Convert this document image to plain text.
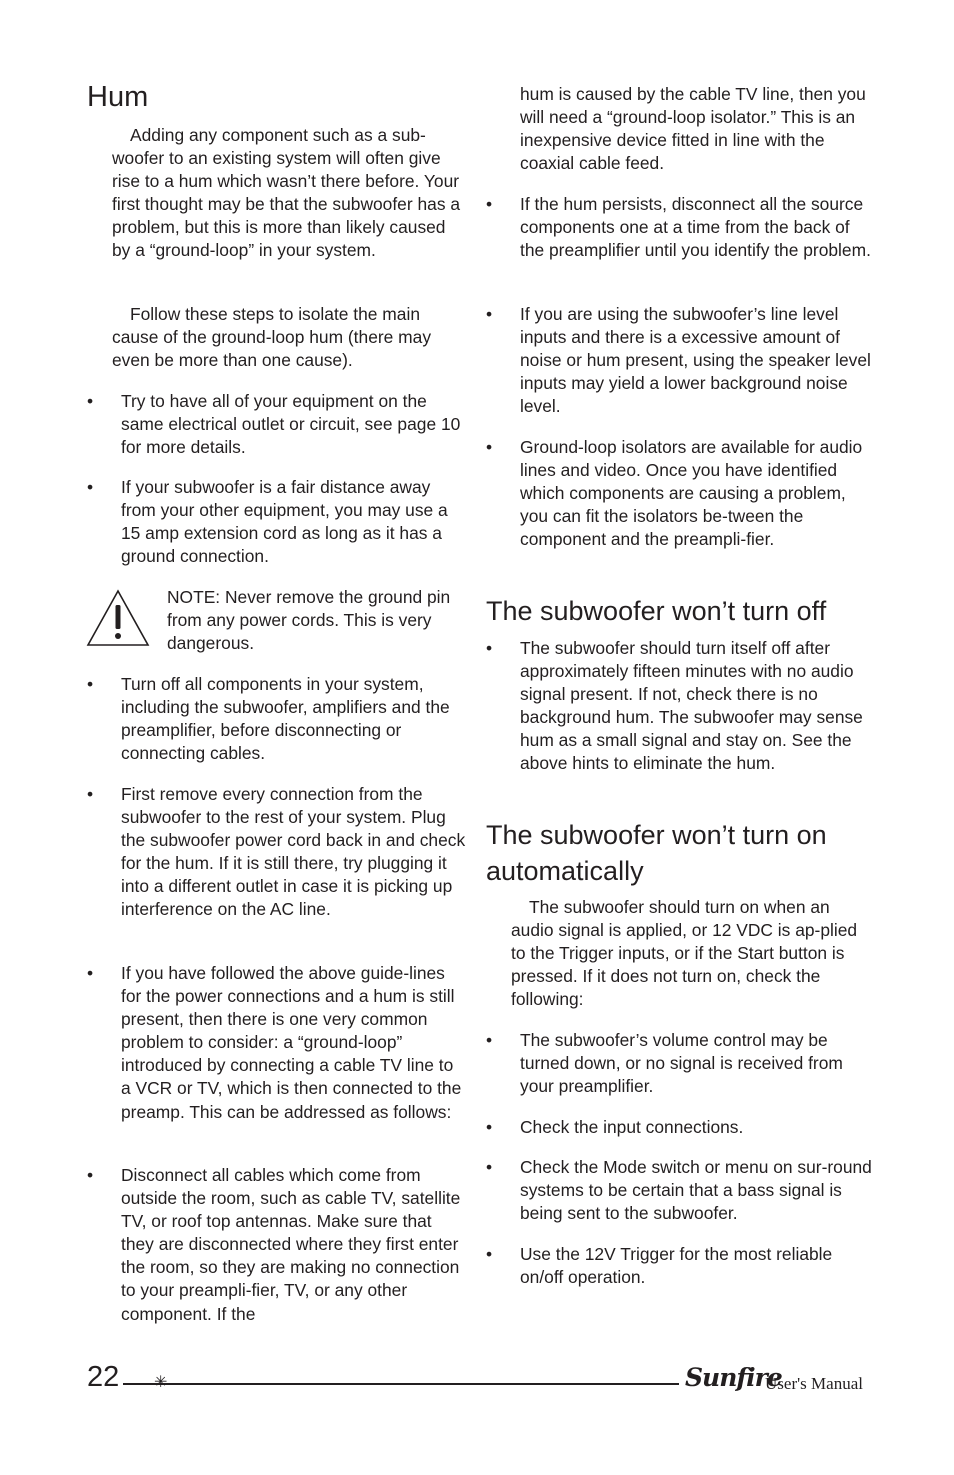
Hum

Adding any component such as a sub-woofer to an existing system will often give rise to a hum which wasn’t there before. Your first thought may be that the subwoofer has a problem, but this is more than likely caused by a “ground-loop” in your system.

Follow these steps to isolate the main cause of the ground-loop hum (there may even be more than one cause).

• Try to have all of your equipment on the same electrical outlet or circuit, see page 10 for more details.
• If your subwoofer is a fair distance away from your other equipment, you may use a 15 amp extension cord as long as it has a ground connection.

NOTE: Never remove the ground pin from any power cords. This is very dangerous.

• Turn off all components in your system, including the subwoofer, amplifiers and the preamplifier, before disconnecting or connecting cables.
• First remove every connection from the subwoofer to the rest of your system. Plug the subwoofer power cord back in and check for the hum. If it is still there, try plugging it into a different outlet in case it is picking up interference on the AC line.
• If you have followed the above guide-lines for the power connections and a hum is still present, then there is one very common problem to consider: a “ground-loop” introduced by connecting a cable TV line to a VCR or TV, which is then connected to the preamp. This can be addressed as follows:
• Disconnect all cables which come from outside the room, such as cable TV, satellite TV, or roof top antennas. Make sure that they are disconnected where they first enter the room, so they are making no connection to your preampli-fier, TV, or any other component. If the

hum is caused by the cable TV line, then you will need a “ground-loop isolator.” This is an inexpensive device fitted in line with the coaxial cable feed.

• If the hum persists, disconnect all the source components one at a time from the back of the preamplifier until you identify the problem.
• If you are using the subwoofer’s line level inputs and there is a excessive amount of noise or hum present, using the speaker level inputs may yield a lower background noise level.
• Ground-loop isolators are available for audio lines and video. Once you have identified which components are causing a problem, you can fit the isolators be-tween the component and the preampli-fier.
The subwoofer won’t turn off
• The subwoofer should turn itself off after approximately fifteen minutes with no audio signal present. If not, check there is no background hum. The subwoofer may sense hum as a small signal and stay on. See the above hints to eliminate the hum.
The subwoofer won’t turn on automatically

The subwoofer should turn on when an audio signal is applied, or 12 VDC is ap-plied to the Trigger inputs, or if the Start button is pressed. If it does not turn on, check the following:

• The subwoofer’s volume control may be turned down, or no signal is received from your preamplifier.
• Check the input connections.
• Check the Mode switch or menu on sur-round systems to be certain that a bass signal is being sent to the subwoofer.
• Use the 12V Trigger for the most reliable on/off operation.
22 ✳	Sunfire
User's Manual
